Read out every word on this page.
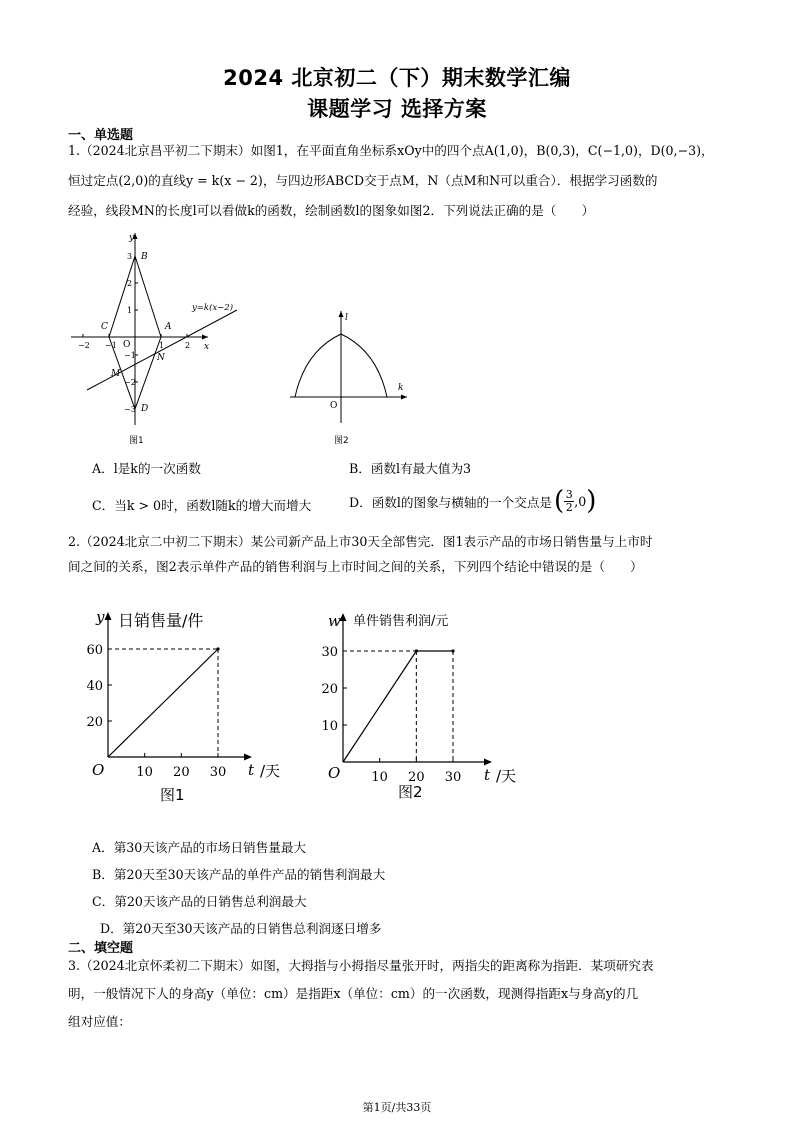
2024 北京初二（下）期末数学汇编
课题学习 选择方案
一、单选题
1.（2024北京昌平初二下期末）如图1，在平面直角坐标系xOy中的四个点A(1,0)，B(0,3)，C(−1,0)，D(0,−3)，
恒过定点(2,0)的直线y = k(x − 2)，与四边形ABCD交于点M，N（点M和N可以重合）．根据学习函数的
经验，线段MN的长度l可以看做k的函数，绘制函数l的图象如图2．下列说法正确的是（　　）
y
x
O
B
A
C
D
M
N
y=k(x−2)
−2 −1	1	2
3
2
1
−1
−2
−3
图1
l
k
O
图2
A．l是k的一次函数	B．函数l有最大值为3
C．当k > 0时，函数l随k的增大而增大	D．函数l的图象与横轴的一个交点是 ( 3
2 ,0 )
2.（2024北京二中初二下期末）某公司新产品上市30天全部售完．图1表示产品的市场日销售量与上市时
间之间的关系，图2表示单件产品的销售利润与上市时间之间的关系，下列四个结论中错误的是（　　）
10 20 30
20
40
60
y 日销售量/件
O	t /天
图1
10 20 30
10
20
30
w 单件销售利润/元
O	t /天
图2
A．第30天该产品的市场日销售量最大
B．第20天至30天该产品的单件产品的销售利润最大
C．第20天该产品的日销售总利润最大
D．第20天至30天该产品的日销售总利润逐日增多
二、填空题
3.（2024北京怀柔初二下期末）如图，大拇指与小拇指尽量张开时，两指尖的距离称为指距．某项研究表
明，一般情况下人的身高y（单位：cm）是指距x（单位：cm）的一次函数，现测得指距x与身高y的几
组对应值：
第1页/共33页
